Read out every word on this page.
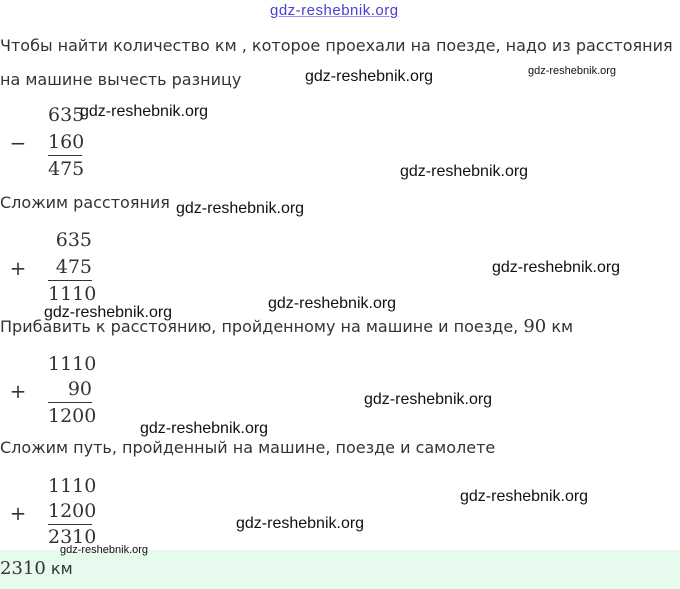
gdz-reshebnik.org
Чтобы найти количество км , которое проехали на поезде, надо из расстояния
на машине вычесть разницу
635
− 160
475
Сложим расстояния
635
+	475
1110
Прибавить к расстоянию, пройденному на машине и поезде, 90 км
1110
+	90
1200
Сложим путь, пройденный на машине, поезде и самолете
1110
+ 1200
2310
2310 км
gdz-reshebnik.org	gdz-reshebnik.org
gdz-reshebnik.org
gdz-reshebnik.org
gdz-reshebnik.org
gdz-reshebnik.org
gdz-reshebnik.org
gdz-reshebnik.org
gdz-reshebnik.org
gdz-reshebnik.org
gdz-reshebnik.org
gdz-reshebnik.org
gdz-reshebnik.org
